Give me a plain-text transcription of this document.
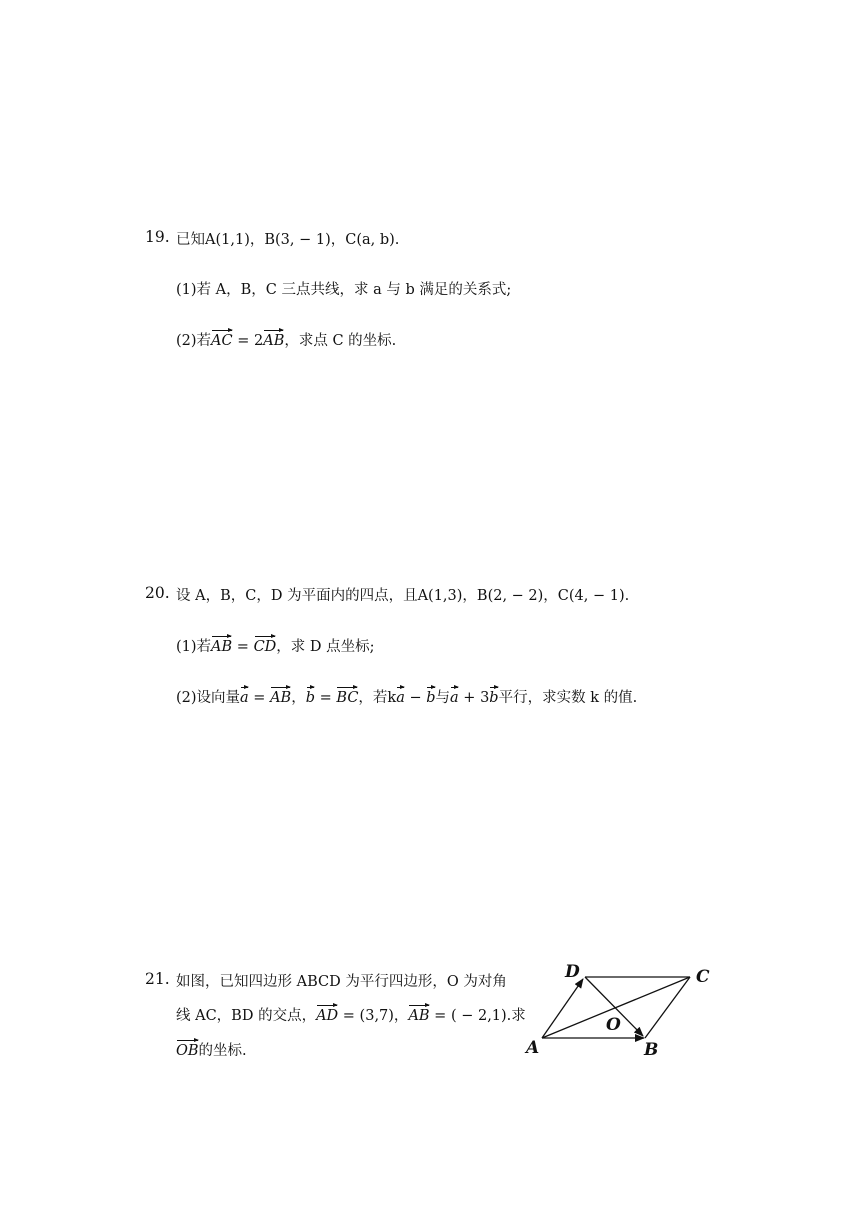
19. 已知A(1,1)，B(3, − 1)，C(a, b).
(1)若 A，B，C 三点共线，求 a 与 b 满足的关系式;
(2)若AC = 2AB，求点 C 的坐标.
20. 设 A，B，C，D 为平面内的四点，且A(1,3)，B(2, − 2)，C(4, − 1).
(1)若AB = CD，求 D 点坐标;
(2)设向量a = AB，b = BC，若ka − b与a + 3b平行，求实数 k 的值.
21. 如图，已知四边形 ABCD 为平行四边形，O 为对角
线 AC，BD 的交点，AD = (3,7)，AB = ( − 2,1).求
OB的坐标.	A	B
C
D
O
